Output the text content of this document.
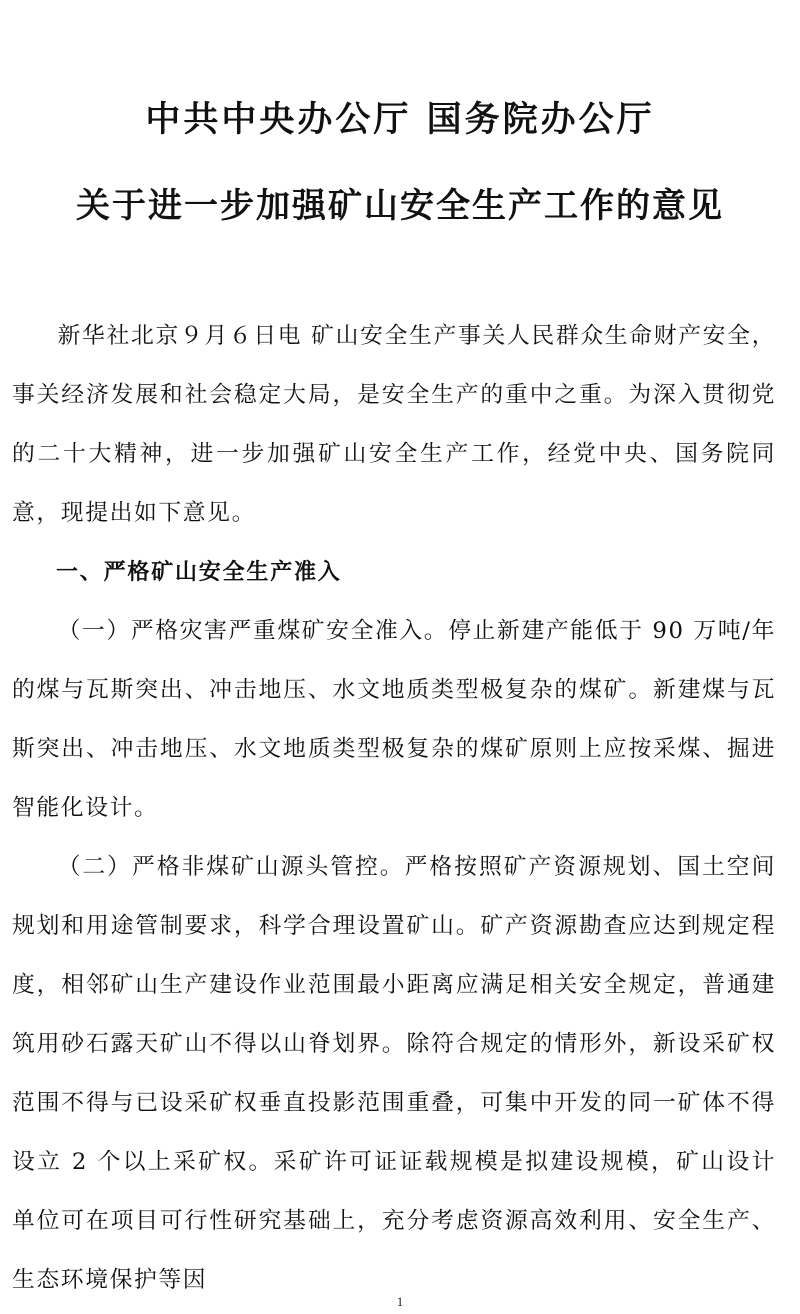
中共中央办公厅 国务院办公厅
关于进一步加强矿山安全生产工作的意见

新华社北京９月６日电 矿山安全生产事关人民群众生命财产安全，事关经济发展和社会稳定大局，是安全生产的重中之重。为深入贯彻党的二十大精神，进一步加强矿山安全生产工作，经党中央、国务院同意，现提出如下意见。

一、严格矿山安全生产准入

（一）严格灾害严重煤矿安全准入。停止新建产能低于 90 万吨/年的煤与瓦斯突出、冲击地压、水文地质类型极复杂的煤矿。新建煤与瓦斯突出、冲击地压、水文地质类型极复杂的煤矿原则上应按采煤、掘进智能化设计。

（二）严格非煤矿山源头管控。严格按照矿产资源规划、国土空间规划和用途管制要求，科学合理设置矿山。矿产资源勘查应达到规定程度，相邻矿山生产建设作业范围最小距离应满足相关安全规定，普通建筑用砂石露天矿山不得以山脊划界。除符合规定的情形外，新设采矿权范围不得与已设采矿权垂直投影范围重叠，可集中开发的同一矿体不得设立 2 个以上采矿权。采矿许可证证载规模是拟建设规模，矿山设计单位可在项目可行性研究基础上，充分考虑资源高效利用、安全生产、生态环境保护等因

1
